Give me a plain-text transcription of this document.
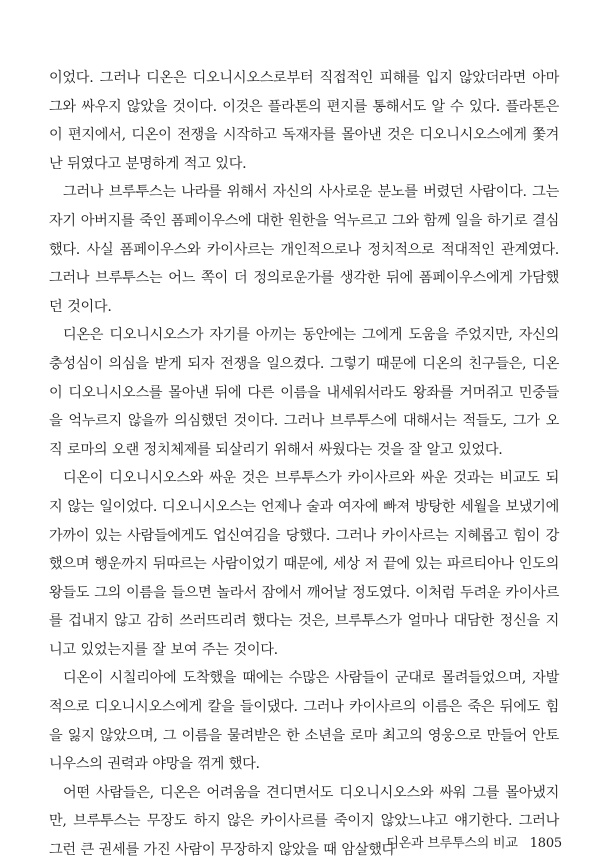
이었다. 그러나 디온은 디오니시오스로부터 직접적인 피해를 입지 않았더라면 아마 그와 싸우지 않았을 것이다. 이것은 플라톤의 편지를 통해서도 알 수 있다. 플라톤은 이 편지에서, 디온이 전쟁을 시작하고 독재자를 몰아낸 것은 디오니시오스에게 쫓겨난 뒤였다고 분명하게 적고 있다.

그러나 브루투스는 나라를 위해서 자신의 사사로운 분노를 버렸던 사람이다. 그는 자기 아버지를 죽인 폼페이우스에 대한 원한을 억누르고 그와 함께 일을 하기로 결심했다. 사실 폼페이우스와 카이사르는 개인적으로나 정치적으로 적대적인 관계였다. 그러나 브루투스는 어느 쪽이 더 정의로운가를 생각한 뒤에 폼페이우스에게 가담했던 것이다.

디온은 디오니시오스가 자기를 아끼는 동안에는 그에게 도움을 주었지만, 자신의 충성심이 의심을 받게 되자 전쟁을 일으켰다. 그렇기 때문에 디온의 친구들은, 디온이 디오니시오스를 몰아낸 뒤에 다른 이름을 내세워서라도 왕좌를 거머쥐고 민중들을 억누르지 않을까 의심했던 것이다. 그러나 브루투스에 대해서는 적들도, 그가 오직 로마의 오랜 정치체제를 되살리기 위해서 싸웠다는 것을 잘 알고 있었다.

디온이 디오니시오스와 싸운 것은 브루투스가 카이사르와 싸운 것과는 비교도 되지 않는 일이었다. 디오니시오스는 언제나 술과 여자에 빠져 방탕한 세월을 보냈기에 가까이 있는 사람들에게도 업신여김을 당했다. 그러나 카이사르는 지혜롭고 힘이 강했으며 행운까지 뒤따르는 사람이었기 때문에, 세상 저 끝에 있는 파르티아나 인도의 왕들도 그의 이름을 들으면 놀라서 잠에서 깨어날 정도였다. 이처럼 두려운 카이사르를 겁내지 않고 감히 쓰러뜨리려 했다는 것은, 브루투스가 얼마나 대담한 정신을 지니고 있었는지를 잘 보여 주는 것이다.

디온이 시칠리아에 도착했을 때에는 수많은 사람들이 군대로 몰려들었으며, 자발적으로 디오니시오스에게 칼을 들이댔다. 그러나 카이사르의 이름은 죽은 뒤에도 힘을 잃지 않았으며, 그 이름을 물려받은 한 소년을 로마 최고의 영웅으로 만들어 안토니우스의 권력과 야망을 꺾게 했다.

어떤 사람들은, 디온은 어려움을 견디면서도 디오니시오스와 싸워 그를 몰아냈지만, 브루투스는 무장도 하지 않은 카이사르를 죽이지 않았느냐고 얘기한다. 그러나 그런 큰 권세를 가진 사람이 무장하지 않았을 때 암살했다

디온과 브루투스의 비교 1805
